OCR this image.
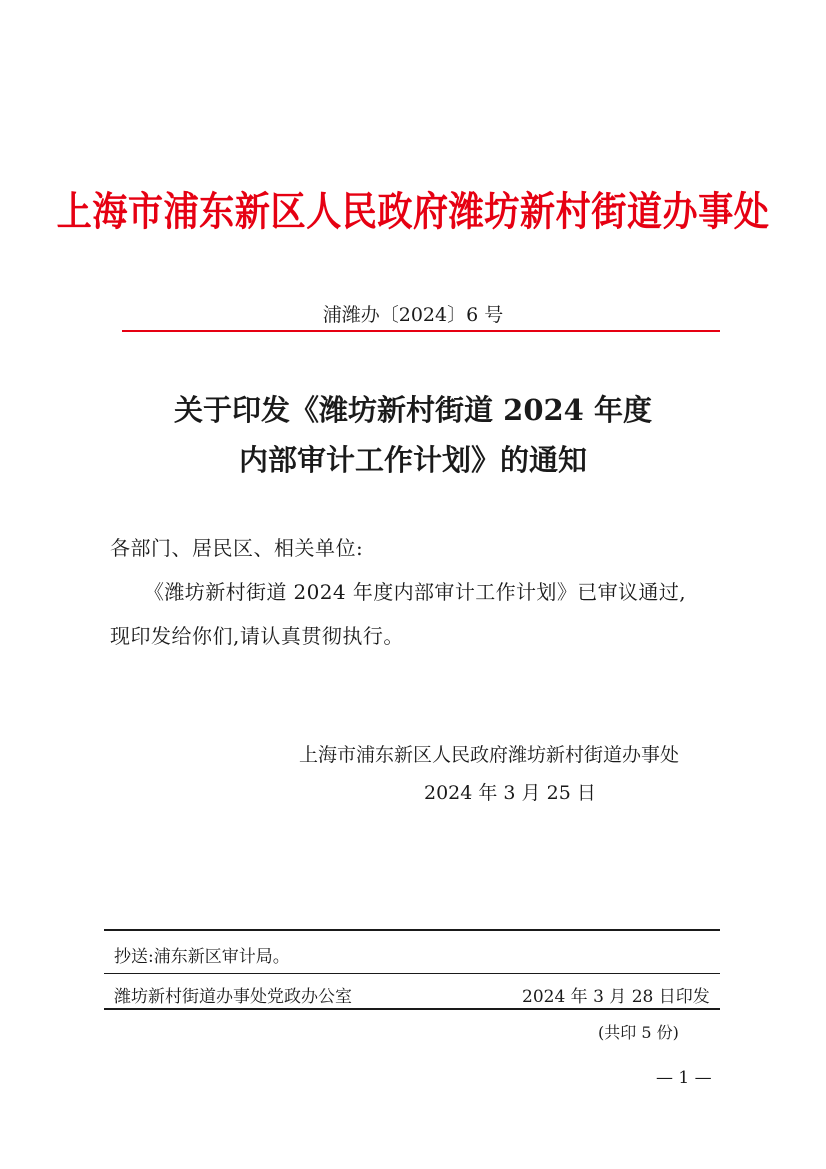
上海市浦东新区人民政府潍坊新村街道办事处
浦潍办〔2024〕6 号
关于印发《潍坊新村街道 2024 年度
内部审计工作计划》的通知
各部门、居民区、相关单位:
《潍坊新村街道 2024 年度内部审计工作计划》已审议通过,
现印发给你们,请认真贯彻执行。
上海市浦东新区人民政府潍坊新村街道办事处
2024 年 3 月 25 日
抄送:浦东新区审计局。
潍坊新村街道办事处党政办公室	2024 年 3 月 28 日印发
(共印 5 份)
— 1 —
